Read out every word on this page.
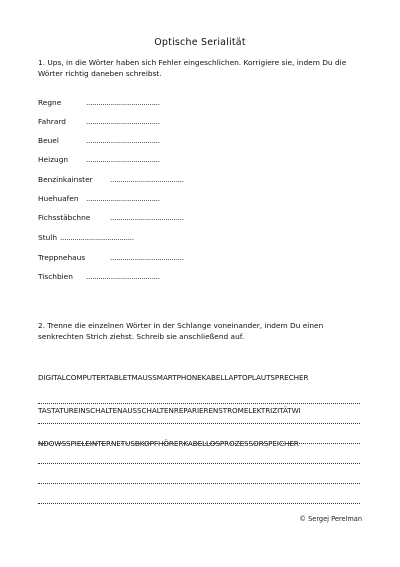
Optische Serialität
1. Ups, in die Wörter haben sich Fehler eingeschlichen. Korrigiere sie, indem Du die Wörter richtig daneben schreibst.
Regne	....................................
Fahrard	....................................
Beuel	....................................
Heizugn ....................................
Benzinkainster ....................................
Huehuafen ....................................
Fichsstäbchne	....................................
Stulh ....................................
Treppnehaus	....................................
Tischbien ....................................
2. Trenne die einzelnen Wörter in der Schlange voneinander, indem Du einen senkrechten Strich ziehst. Schreib sie anschließend auf.

DIGITALCOMPUTERTABLETMAUSSMARTPHONEKABELLAPTOPLAUTSPRECHER

TASTATUREINSCHALTENAUSSCHALTENREPARIERENSTROMELEKTRIZITÄTWI

NDOWSSPIELEINTERNETUSBKOPFHÖRERKABELLOSPROZESSORSPEICHER

© Sergej Perelman
